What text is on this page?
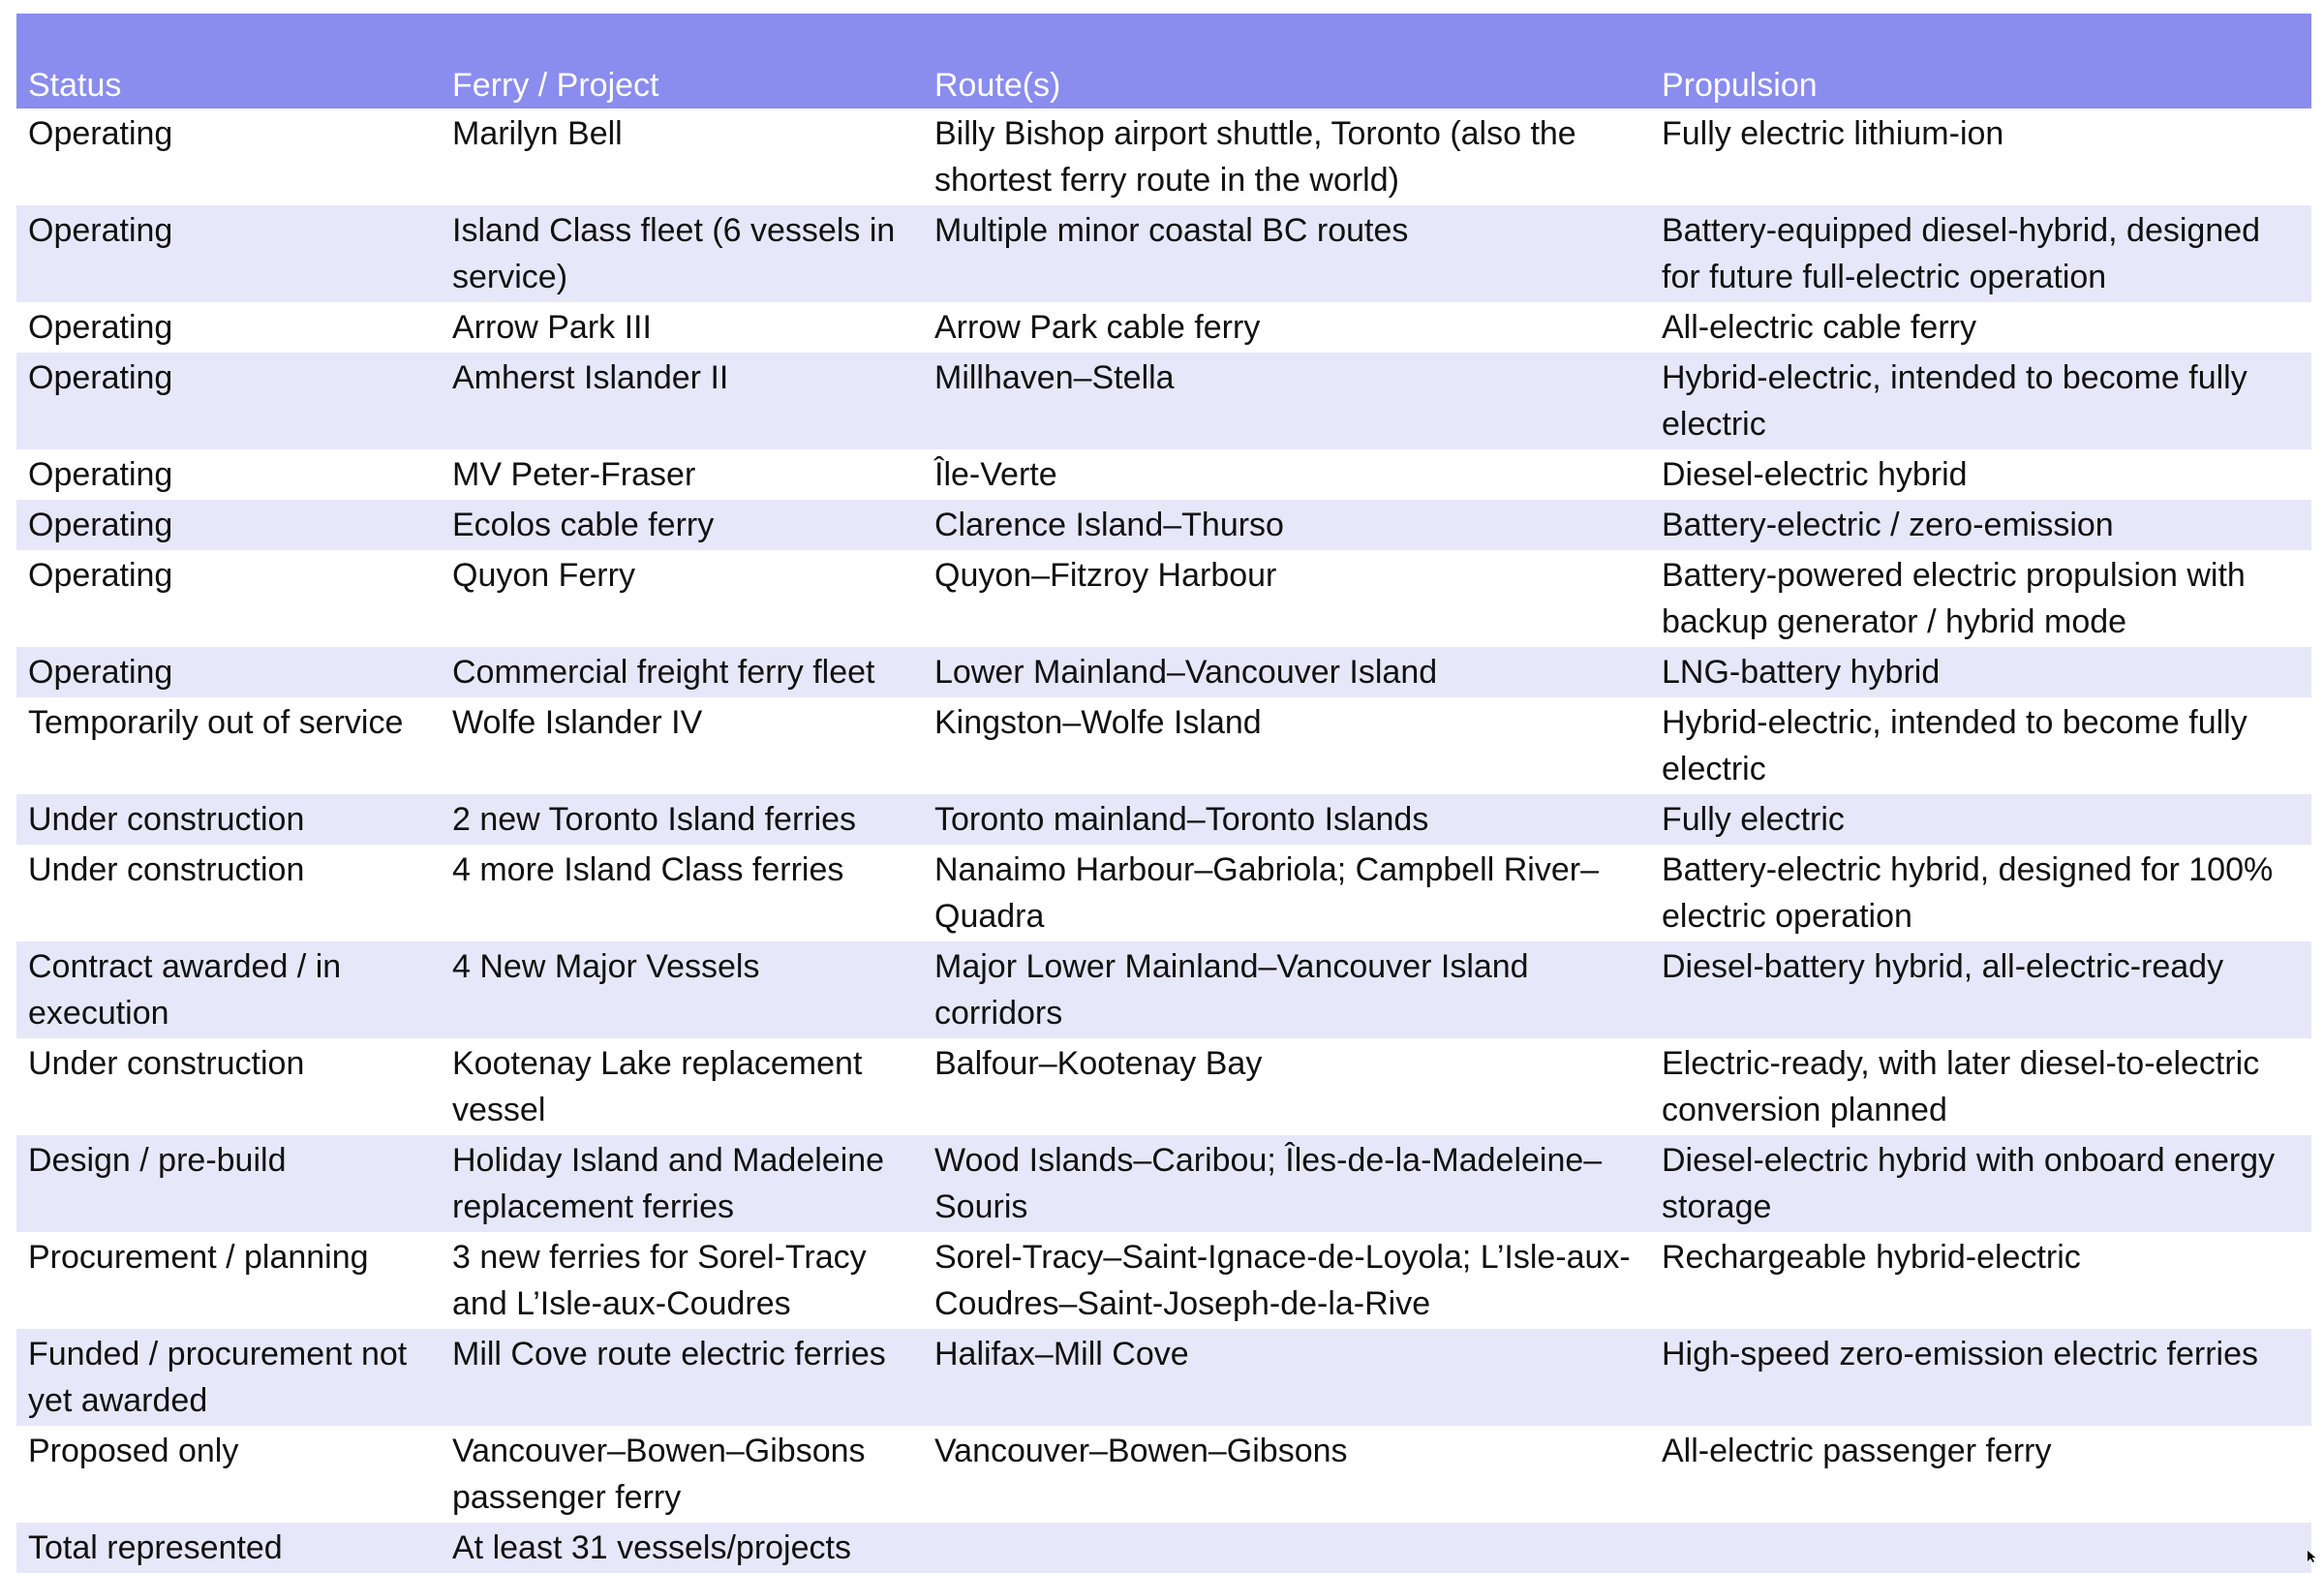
Status	Ferry / Project	Route(s)	Propulsion
Operating	Marilyn Bell	Billy Bishop airport shuttle, Toronto (also the shortest ferry route in the world)	Fully electric lithium-ion
Operating	Island Class fleet (6 vessels in service)	Multiple minor coastal BC routes	Battery-equipped diesel-hybrid, designed for future full-electric operation
Operating	Arrow Park III	Arrow Park cable ferry	All-electric cable ferry
Operating	Amherst Islander II	Millhaven–Stella	Hybrid-electric, intended to become fully electric
Operating	MV Peter-Fraser	Île-Verte	Diesel-electric hybrid
Operating	Ecolos cable ferry	Clarence Island–Thurso	Battery-electric / zero-emission
Operating	Quyon Ferry	Quyon–Fitzroy Harbour	Battery-powered electric propulsion with backup generator / hybrid mode
Operating	Commercial freight ferry fleet	Lower Mainland–Vancouver Island	LNG-battery hybrid
Temporarily out of service	Wolfe Islander IV	Kingston–Wolfe Island	Hybrid-electric, intended to become fully electric
Under construction	2 new Toronto Island ferries	Toronto mainland–Toronto Islands	Fully electric
Under construction	4 more Island Class ferries	Nanaimo Harbour–Gabriola; Campbell River–Quadra	Battery-electric hybrid, designed for 100% electric operation
Contract awarded / in execution	4 New Major Vessels	Major Lower Mainland–Vancouver Island corridors	Diesel-battery hybrid, all-electric-ready
Under construction	Kootenay Lake replacement vessel	Balfour–Kootenay Bay	Electric-ready, with later diesel-to-electric conversion planned
Design / pre-build	Holiday Island and Madeleine replacement ferries	Wood Islands–Caribou; Îles-de-la-Madeleine–Souris	Diesel-electric hybrid with onboard energy storage
Procurement / planning	3 new ferries for Sorel-Tracy and L’Isle-aux-Coudres	Sorel-Tracy–Saint-Ignace-de-Loyola; L’Isle-aux-Coudres–Saint-Joseph-de-la-Rive	Rechargeable hybrid-electric
Funded / procurement not yet awarded	Mill Cove route electric ferries	Halifax–Mill Cove	High-speed zero-emission electric ferries
Proposed only	Vancouver–Bowen–Gibsons passenger ferry	Vancouver–Bowen–Gibsons	All-electric passenger ferry
Total represented	At least 31 vessels/projects		
